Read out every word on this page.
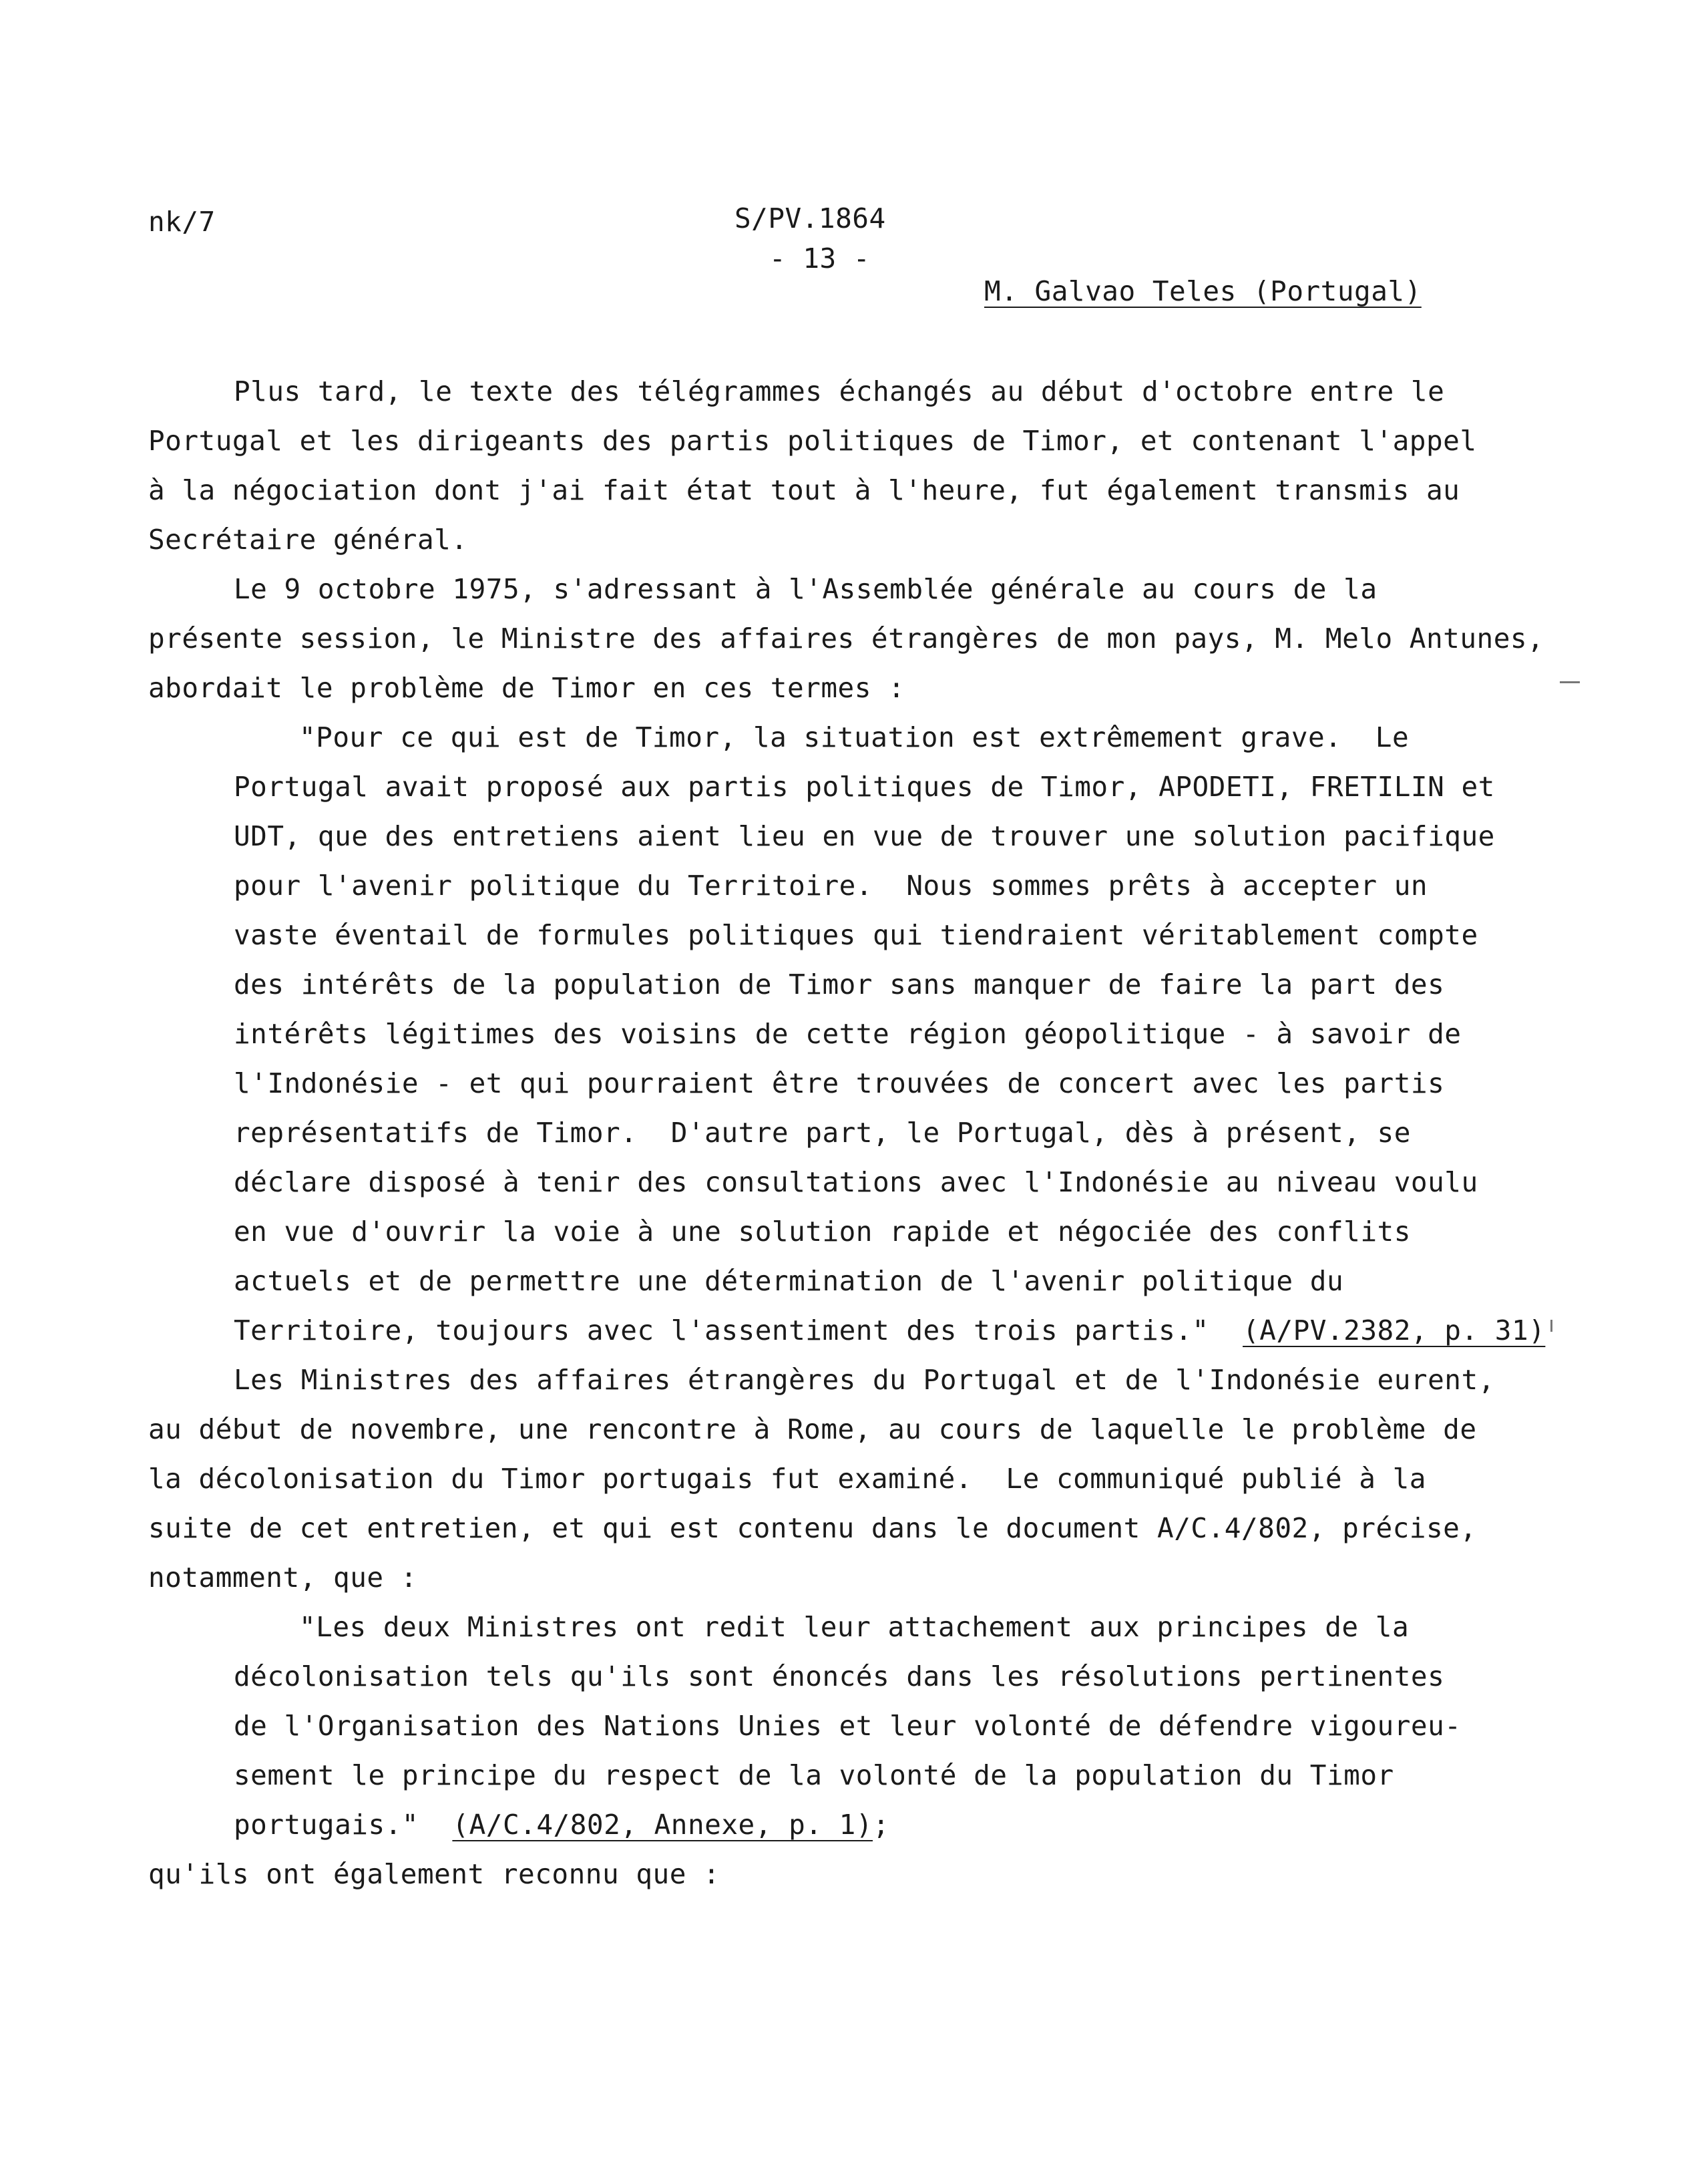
nk/7	S/PV.1864
- 13 -
M. Galvao Teles (Portugal)
Plus tard, le texte des télégrammes échangés au début d'octobre entre le
Portugal et les dirigeants des partis politiques de Timor, et contenant l'appel
à la négociation dont j'ai fait état tout à l'heure, fut également transmis au
Secrétaire général.
Le 9 octobre 1975, s'adressant à l'Assemblée générale au cours de la
présente session, le Ministre des affaires étrangères de mon pays, M. Melo Antunes,
abordait le problème de Timor en ces termes :
"Pour ce qui est de Timor, la situation est extrêmement grave.  Le
Portugal avait proposé aux partis politiques de Timor, APODETI, FRETILIN et
UDT, que des entretiens aient lieu en vue de trouver une solution pacifique
pour l'avenir politique du Territoire.  Nous sommes prêts à accepter un
vaste éventail de formules politiques qui tiendraient véritablement compte
des intérêts de la population de Timor sans manquer de faire la part des
intérêts légitimes des voisins de cette région géopolitique - à savoir de
l'Indonésie - et qui pourraient être trouvées de concert avec les partis
représentatifs de Timor.  D'autre part, le Portugal, dès à présent, se
déclare disposé à tenir des consultations avec l'Indonésie au niveau voulu
en vue d'ouvrir la voie à une solution rapide et négociée des conflits
actuels et de permettre une détermination de l'avenir politique du
Territoire, toujours avec l'assentiment des trois partis."  (A/PV.2382, p. 31)
Les Ministres des affaires étrangères du Portugal et de l'Indonésie eurent,
au début de novembre, une rencontre à Rome, au cours de laquelle le problème de
la décolonisation du Timor portugais fut examiné.  Le communiqué publié à la
suite de cet entretien, et qui est contenu dans le document A/C.4/802, précise,
notamment, que :
"Les deux Ministres ont redit leur attachement aux principes de la
décolonisation tels qu'ils sont énoncés dans les résolutions pertinentes
de l'Organisation des Nations Unies et leur volonté de défendre vigoureu-
sement le principe du respect de la volonté de la population du Timor
portugais."  (A/C.4/802, Annexe, p. 1);
qu'ils ont également reconnu que :
